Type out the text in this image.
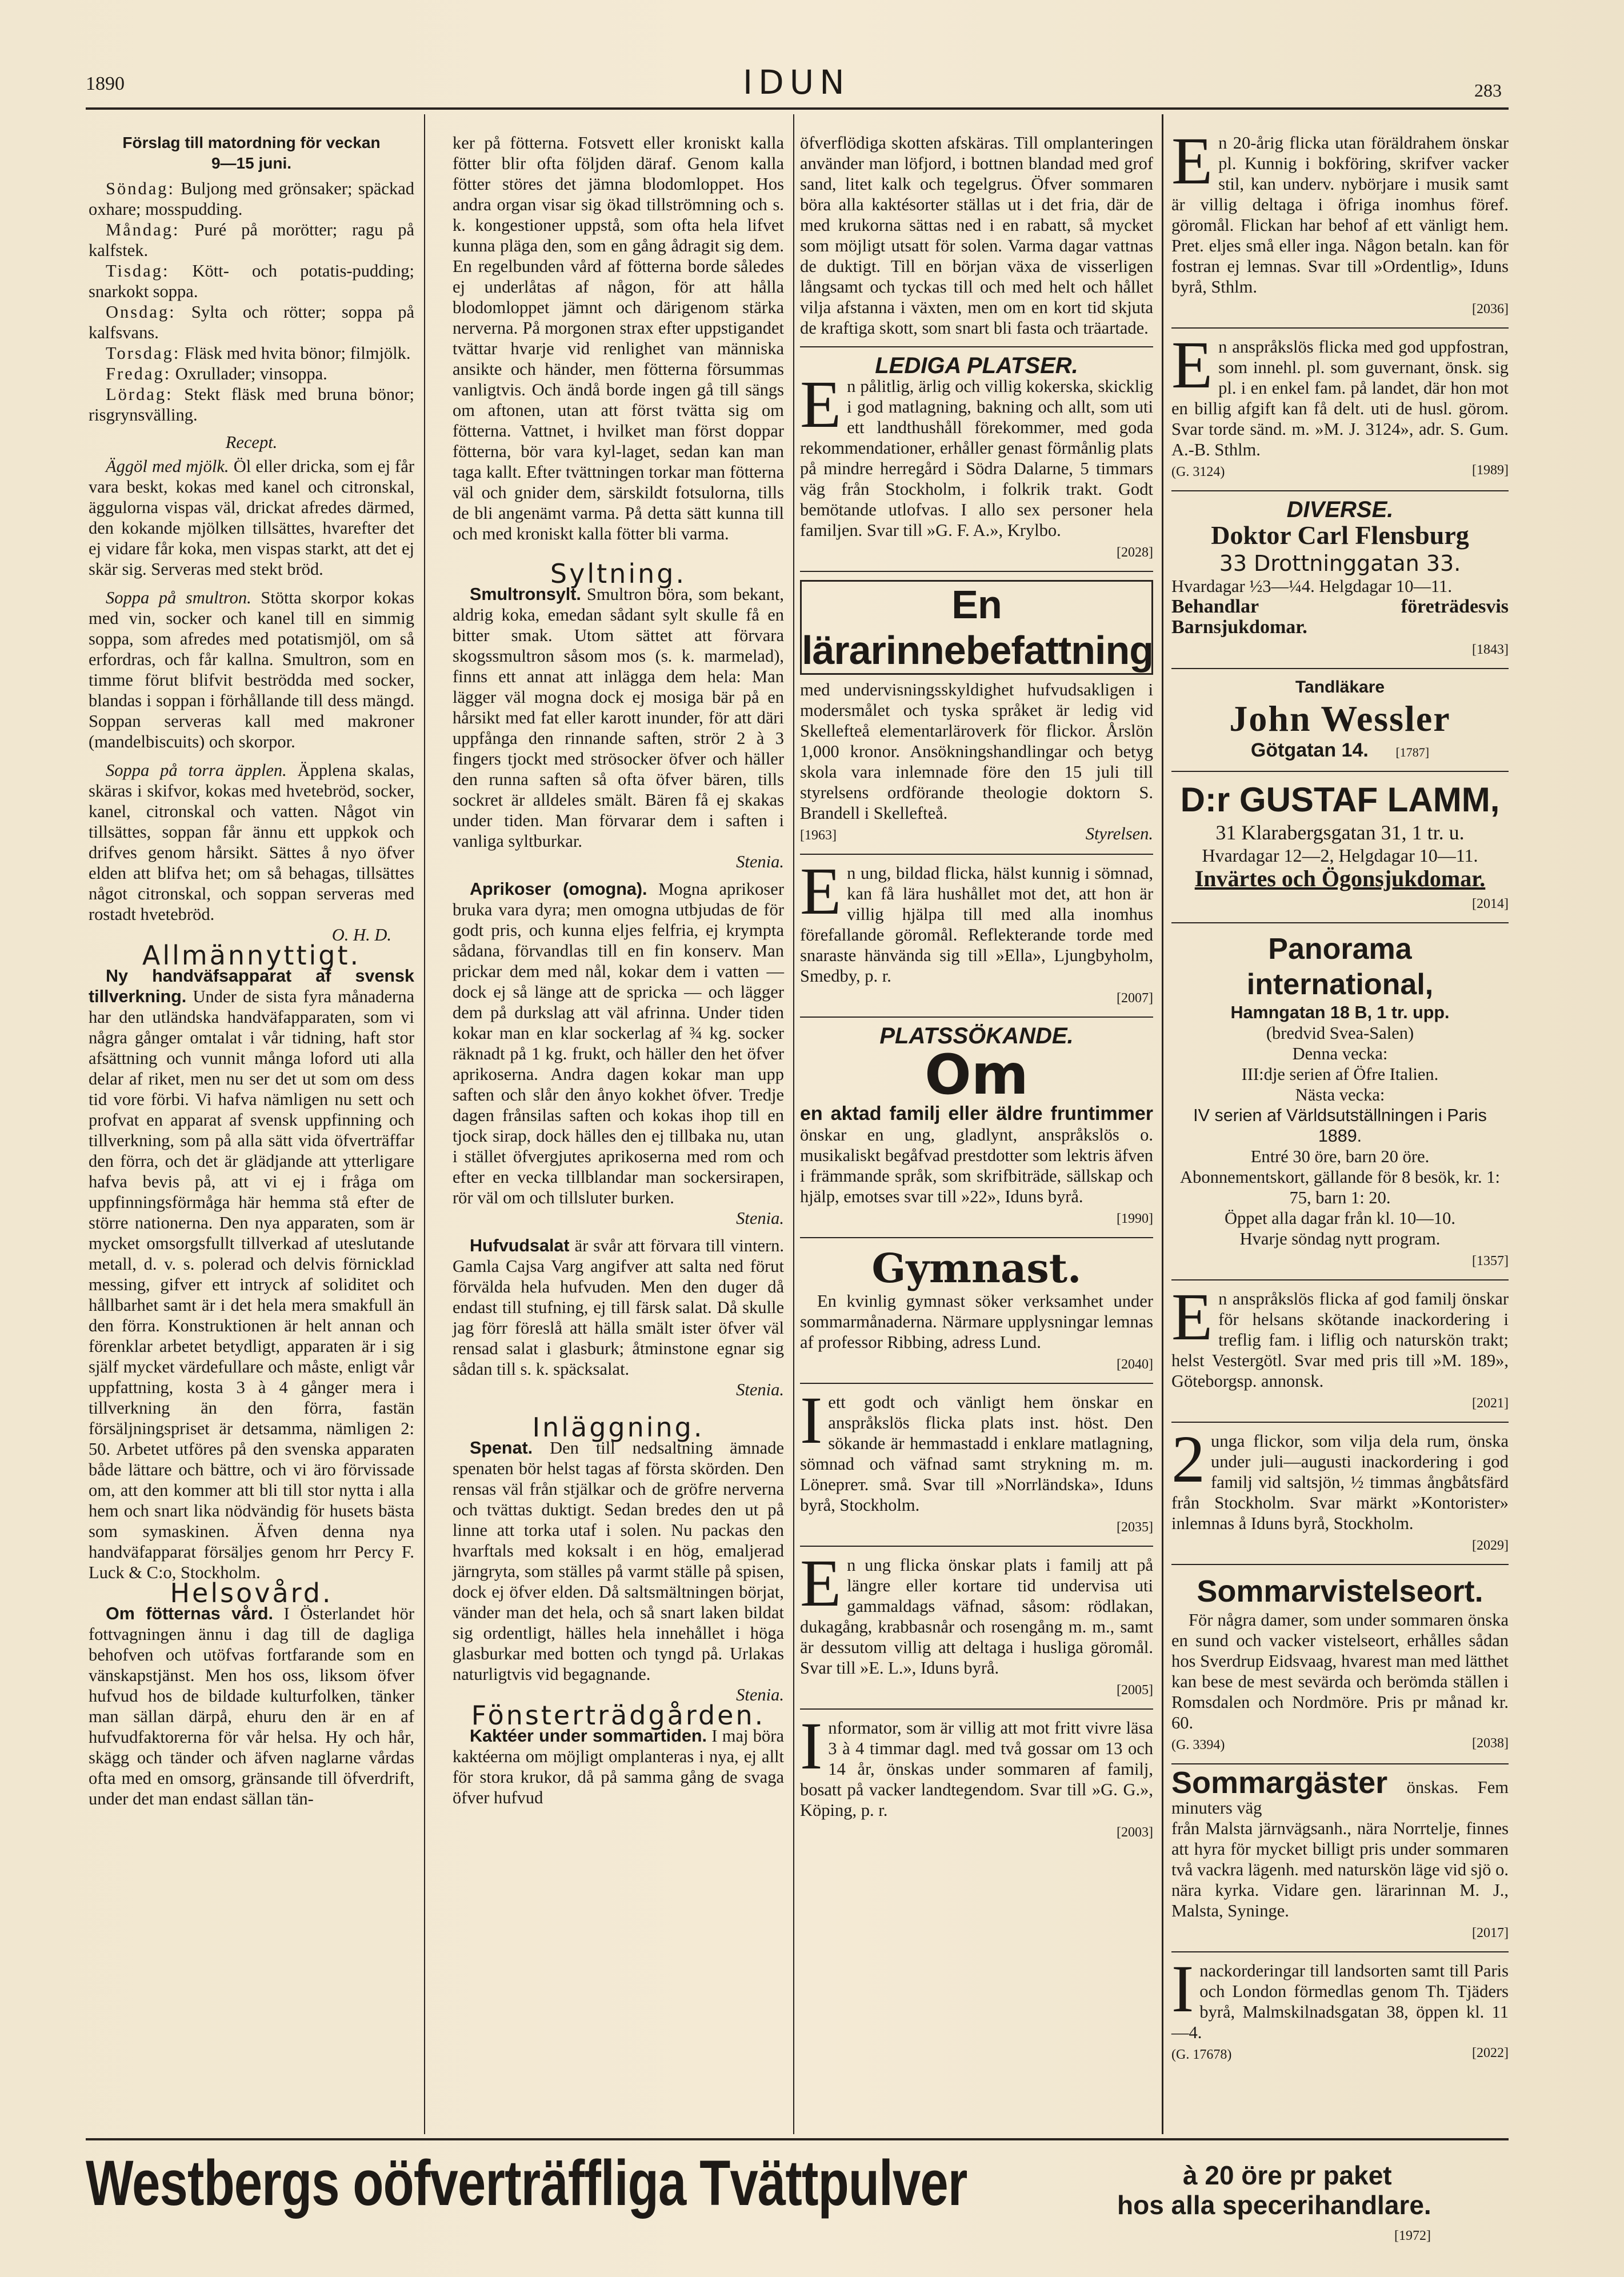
1890	IDUN	283

Förslag till matordning för veckan

9—15 juni.

Söndag: Buljong med grönsaker; späckad oxhare; mosspudding.

Måndag: Puré på morötter; ragu på kalfstek.

Tisdag: Kött- och potatis-pudding; snarkokt soppa.

Onsdag: Sylta och rötter; soppa på kalfsvans.

Torsdag: Fläsk med hvita bönor; filmjölk.

Fredag: Oxrullader; vinsoppa.

Lördag: Stekt fläsk med bruna bönor; risgrynsvälling.

Recept.

Äggöl med mjölk. Öl eller dricka, som ej får vara beskt, kokas med kanel och citronskal, äggulorna vispas väl, drickat afredes därmed, den kokande mjölken tillsättes, hvarefter det ej vidare får koka, men vispas starkt, att det ej skär sig. Serveras med stekt bröd.

Soppa på smultron. Stötta skorpor kokas med vin, socker och kanel till en simmig soppa, som afredes med potatismjöl, om så erfordras, och får kallna. Smultron, som en timme förut blifvit beströdda med socker, blandas i soppan i förhållande till dess mängd. Soppan serveras kall med makroner (mandelbiscuits) och skorpor.

Soppa på torra äpplen. Äpplena skalas, skäras i skifvor, kokas med hvetebröd, socker, kanel, citronskal och vatten. Något vin tillsättes, soppan får ännu ett uppkok och drifves genom hårsikt. Sättes å nyo öfver elden att blifva het; om så behagas, tillsättes något citronskal, och soppan serveras med rostadt hvetebröd.

O. H. D.

Allmännyttigt.

Ny handväfsapparat af svensk tillverkning. Under de sista fyra månaderna har den utländska handväfapparaten, som vi några gånger omtalat i vår tidning, haft stor afsättning och vunnit många loford uti alla delar af riket, men nu ser det ut som om dess tid vore förbi. Vi hafva nämligen nu sett och profvat en apparat af svensk uppfinning och tillverkning, som på alla sätt vida öfverträffar den förra, och det är glädjande att ytterligare hafva bevis på, att vi ej i fråga om uppfinningsförmåga här hemma stå efter de större nationerna. Den nya apparaten, som är mycket omsorgsfullt tillverkad af uteslutande metall, d. v. s. polerad och delvis förnicklad messing, gifver ett intryck af soliditet och hållbarhet samt är i det hela mera smakfull än den förra. Konstruktionen är helt annan och förenklar arbetet betydligt, apparaten är i sig själf mycket värdefullare och måste, enligt vår uppfattning, kosta 3 à 4 gånger mera i tillverkning än den förra, fastän försäljningspriset är detsamma, nämligen 2: 50. Arbetet utföres på den svenska apparaten både lättare och bättre, och vi äro förvissade om, att den kommer att bli till stor nytta i alla hem och snart lika nödvändig för husets bästa som symaskinen. Äfven denna nya handväfapparat försäljes genom hrr Percy F. Luck & C:o, Stockholm.

Helsovård.

Om fötternas vård. I Österlandet hör fottvagningen ännu i dag till de dagliga behofven och utöfvas fortfarande som en vänskapstjänst. Men hos oss, liksom öfver hufvud hos de bildade kulturfolken, tänker man sällan därpå, ehuru den är en af hufvudfaktorerna för vår helsa. Hy och hår, skägg och tänder och äfven naglarne vårdas ofta med en omsorg, gränsande till öfverdrift, under det man endast sällan tän-

ker på fötterna. Fotsvett eller kroniskt kalla fötter blir ofta följden däraf. Genom kalla fötter störes det jämna blodomloppet. Hos andra organ visar sig ökad tillströmning och s. k. kongestioner uppstå, som ofta hela lifvet kunna pläga den, som en gång ådragit sig dem. En regelbunden vård af fötterna borde således ej underlåtas af någon, för att hålla blodomloppet jämnt och därigenom stärka nerverna. På morgonen strax efter uppstigandet tvättar hvarje vid renlighet van människa ansikte och händer, men fötterna försummas vanligtvis. Och ändå borde ingen gå till sängs om aftonen, utan att först tvätta sig om fötterna. Vattnet, i hvilket man först doppar fötterna, bör vara kyl-laget, sedan kan man taga kallt. Efter tvättningen torkar man fötterna väl och gnider dem, särskildt fotsulorna, tills de bli angenämt varma. På detta sätt kunna till och med kroniskt kalla fötter bli varma.

Syltning.

Smultronsylt. Smultron böra, som bekant, aldrig koka, emedan sådant sylt skulle få en bitter smak. Utom sättet att förvara skogssmultron såsom mos (s. k. marmelad), finns ett annat att inlägga dem hela: Man lägger väl mogna dock ej mosiga bär på en hårsikt med fat eller karott inunder, för att däri uppfånga den rinnande saften, strör 2 à 3 fingers tjockt med strösocker öfver och häller den runna saften så ofta öfver bären, tills sockret är alldeles smält. Bären få ej skakas under tiden. Man förvarar dem i saften i vanliga syltburkar.

Stenia.

Aprikoser (omogna). Mogna aprikoser bruka vara dyra; men omogna utbjudas de för godt pris, och kunna eljes felfria, ej krympta sådana, förvandlas till en fin konserv. Man prickar dem med nål, kokar dem i vatten — dock ej så länge att de spricka — och lägger dem på durkslag att väl afrinna. Under tiden kokar man en klar sockerlag af ¾ kg. socker räknadt på 1 kg. frukt, och häller den het öfver aprikoserna. Andra dagen kokar man upp saften och slår den ånyo kokhet öfver. Tredje dagen frånsilas saften och kokas ihop till en tjock sirap, dock hälles den ej tillbaka nu, utan i stället öfvergjutes aprikoserna med rom och efter en vecka tillblandar man sockersirapen, rör väl om och tillsluter burken.

Stenia.

Hufvudsalat är svår att förvara till vintern. Gamla Cajsa Varg angifver att salta ned förut förvälda hela hufvuden. Men den duger då endast till stufning, ej till färsk salat. Då skulle jag förr föreslå att hälla smält ister öfver väl rensad salat i glasburk; åtminstone egnar sig sådan till s. k. späcksalat.

Stenia.

Inläggning.

Spenat. Den till nedsaltning ämnade spenaten bör helst tagas af första skörden. Den rensas väl från stjälkar och de gröfre nerverna och tvättas duktigt. Sedan bredes den ut på linne att torka utaf i solen. Nu packas den hvarftals med koksalt i en hög, emaljerad järngryta, som ställes på varmt ställe på spisen, dock ej öfver elden. Då saltsmältningen börjat, vänder man det hela, och så snart laken bildat sig ordentligt, hälles hela innehållet i höga glasburkar med botten och tyngd på. Urlakas naturligtvis vid begagnande.

Stenia.

Fönsterträdgården.

Kaktéer under sommartiden. I maj böra kaktéerna om möjligt omplanteras i nya, ej allt för stora krukor, då på samma gång de svaga öfver hufvud

öfverflödiga skotten afskäras. Till omplanteringen använder man löfjord, i bottnen blandad med grof sand, litet kalk och tegelgrus. Öfver sommaren böra alla kaktésorter ställas ut i det fria, där de med krukorna sättas ned i en rabatt, så mycket som möjligt utsatt för solen. Varma dagar vattnas de duktigt. Till en början växa de visserligen långsamt och tyckas till och med helt och hållet vilja afstanna i växten, men om en kort tid skjuta de kraftiga skott, som snart bli fasta och träartade.

LEDIGA PLATSER.

E n pålitlig, ärlig och villig kokerska, skicklig i god matlagning, bakning och allt, som uti ett landthushåll förekommer, med goda rekommendationer, erhåller genast förmånlig plats på mindre herregård i Södra Dalarne, 5 timmars väg från Stockholm, i folkrik trakt. Godt bemötande utlofvas. I allo sex personer hela familjen. Svar till »G. F. A.», Krylbo.

[2028]

En lärarinnebefattning

med undervisningsskyldighet hufvudsakligen i modersmålet och tyska språket är ledig vid Skellefteå elementarläroverk för flickor. Årslön 1,000 kronor. Ansökningshandlingar och betyg skola vara inlemnade före den 15 juli till styrelsens ordförande theologie doktorn S. Brandell i Skellefteå.

[1963]	Styrelsen.

E n ung, bildad flicka, hälst kunnig i sömnad, kan få lära hushållet mot det, att hon är villig hjälpa till med alla inomhus förefallande göromål. Reflekterande torde med snaraste hänvända sig till »Ella», Ljungbyholm, Smedby, p. r.

[2007]

PLATSSÖKANDE.

Om

en aktad familj eller äldre fruntimmer önskar en ung, gladlynt, anspråkslös o. musikaliskt begåfvad prestdotter som lektris äfven i främmande språk, som skrifbiträde, sällskap och hjälp, emotses svar till »22», Iduns byrå.

[1990]

Gymnast.

En kvinlig gymnast söker verksamhet under sommarmånaderna. Närmare upplysningar lemnas af professor Ribbing, adress Lund.

[2040]

I ett godt och vänligt hem önskar en anspråkslös flicka plats inst. höst. Den sökande är hemmastadd i enklare matlagning, sömnad och väfnad samt strykning m. m. Löneprет. små. Svar till »Norrländska», Iduns byrå, Stockholm.

[2035]

E n ung flicka önskar plats i familj att på längre eller kortare tid undervisa uti gammaldags väfnad, såsom: rödlakan, dukagång, krabbasnår och rosengång m. m., samt är dessutom villig att deltaga i husliga göromål. Svar till »E. L.», Iduns byrå.

[2005]

I nformator, som är villig att mot fritt vivre läsa 3 à 4 timmar dagl. med två gossar om 13 och 14 år, önskas under sommaren af familj, bosatt på vacker landtegendom. Svar till »G. G.», Köping, p. r.

[2003]

E n 20-årig flicka utan föräldrahem önskar pl. Kunnig i bokföring, skrifver vacker stil, kan underv. nybörjare i musik samt är villig deltaga i öfriga inomhus föref. göromål. Flickan har behof af ett vänligt hem. Pret. eljes små eller inga. Någon betaln. kan för fostran ej lemnas. Svar till »Ordentlig», Iduns byrå, Sthlm.

[2036]

E n anspråkslös flicka med god uppfostran, som innehl. pl. som guvernant, önsk. sig pl. i en enkel fam. på landet, där hon mot en billig afgift kan få delt. uti de husl. görom. Svar torde sänd. m. »M. J. 3124», adr. S. Gum. A.-B. Sthlm.

(G. 3124)	[1989]

DIVERSE.

Doktor Carl Flensburg

33 Drottninggatan 33.

Hvardagar ½3—¼4. Helgdagar 10—11.

Behandlar företrädesvis Barnsjukdomar.

[1843]

Tandläkare

John Wessler

Götgatan 14. [1787]

D:r GUSTAF LAMM,

31 Klarabergsgatan 31, 1 tr. u.

Hvardagar 12—2, Helgdagar 10—11.

Invärtes och Ögonsjukdomar.

[2014]

Panorama international,

Hamngatan 18 B, 1 tr. upp.

(bredvid Svea-Salen)

Denna vecka:

III:dje serien af Öfre Italien.

Nästa vecka:

IV serien af Världsutställningen i Paris 1889.

Entré 30 öre, barn 20 öre.

Abonnementskort, gällande för 8 besök, kr. 1: 75, barn 1: 20.

Öppet alla dagar från kl. 10—10.

Hvarje söndag nytt program.

[1357]

E n anspråkslös flicka af god familj önskar för helsans skötande inackordering i treflig fam. i liflig och naturskön trakt; helst Vestergötl. Svar med pris till »M. 189», Göteborgsp. annonsk.

[2021]

2 unga flickor, som vilja dela rum, önska under juli—augusti inackordering i god familj vid saltsjön, ½ timmas ångbåtsfärd från Stockholm. Svar märkt »Kontorister» inlemnas å Iduns byrå, Stockholm.

[2029]

Sommarvistelseort.

För några damer, som under sommaren önska en sund och vacker vistelseort, erhålles sådan hos Sverdrup Eidsvaag, hvarest man med lätthet kan bese de mest sevärda och berömda ställen i Romsdalen och Nordmöre. Pris pr månad kr. 60.

(G. 3394)	[2038]

Sommargäster önskas. Fem minuters väg

från Malsta järnvägsanh., nära Norrtelje, finnes att hyra för mycket billigt pris under sommaren två vackra lägenh. med naturskön läge vid sjö o. nära kyrka. Vidare gen. lärarinnan M. J., Malsta, Syninge.

[2017]

I nackorderingar till landsorten samt till Paris och London förmedlas genom Th. Tjäders byrå, Malmskilnadsgatan 38, öppen kl. 11—4.

(G. 17678)	[2022]

Westbergs oöfverträffliga Tvättpulver	à 20 öre pr paket
hos alla specerihandlare.
[1972]
